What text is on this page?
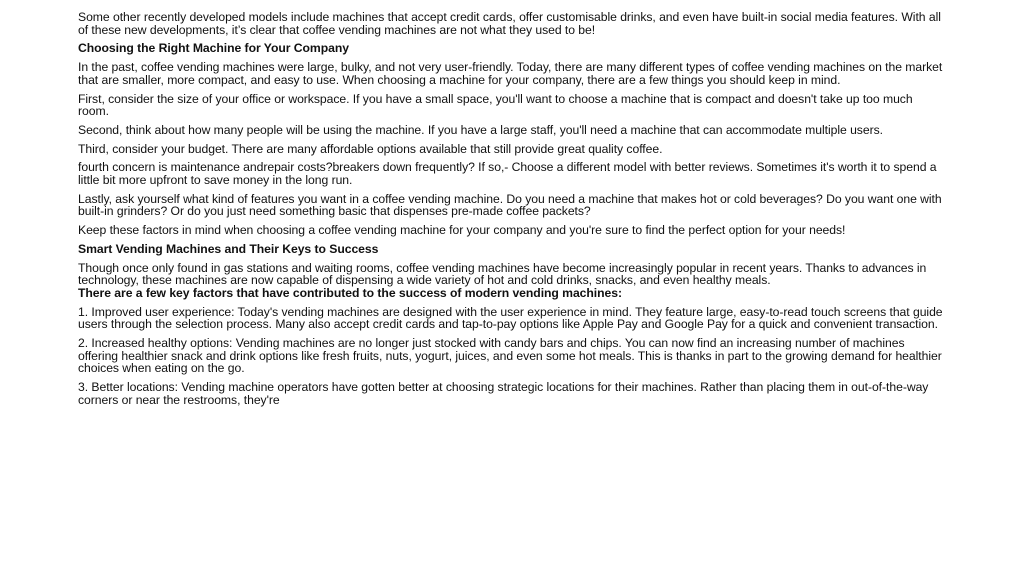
Some other recently developed models include machines that accept credit cards, offer customisable drinks, and even have built-in social media features. With all of these new developments, it’s clear that coffee vending machines are not what they used to be!

Choosing the Right Machine for Your Company

In the past, coffee vending machines were large, bulky, and not very user-friendly. Today, there are many different types of coffee vending machines on the market that are smaller, more compact, and easy to use. When choosing a machine for your company, there are a few things you should keep in mind.

First, consider the size of your office or workspace. If you have a small space, you'll want to choose a machine that is compact and doesn't take up too much room.

Second, think about how many people will be using the machine. If you have a large staff, you'll need a machine that can accommodate multiple users.

Third, consider your budget. There are many affordable options available that still provide great quality coffee.

fourth concern is maintenance andrepair costs?breakers down frequently? If so,- Choose a different model with better reviews. Sometimes it's worth it to spend a little bit more upfront to save money in the long run.

Lastly, ask yourself what kind of features you want in a coffee vending machine. Do you need a machine that makes hot or cold beverages? Do you want one with built-in grinders? Or do you just need something basic that dispenses pre-made coffee packets?

Keep these factors in mind when choosing a coffee vending machine for your company and you're sure to find the perfect option for your needs!

Smart Vending Machines and Their Keys to Success

Though once only found in gas stations and waiting rooms, coffee vending machines have become increasingly popular in recent years. Thanks to advances in technology, these machines are now capable of dispensing a wide variety of hot and cold drinks, snacks, and even healthy meals.

There are a few key factors that have contributed to the success of modern vending machines:

1. Improved user experience: Today's vending machines are designed with the user experience in mind. They feature large, easy-to-read touch screens that guide users through the selection process. Many also accept credit cards and tap-to-pay options like Apple Pay and Google Pay for a quick and convenient transaction.

2. Increased healthy options: Vending machines are no longer just stocked with candy bars and chips. You can now find an increasing number of machines offering healthier snack and drink options like fresh fruits, nuts, yogurt, juices, and even some hot meals. This is thanks in part to the growing demand for healthier choices when eating on the go.

3. Better locations: Vending machine operators have gotten better at choosing strategic locations for their machines. Rather than placing them in out-of-the-way corners or near the restrooms, they're
